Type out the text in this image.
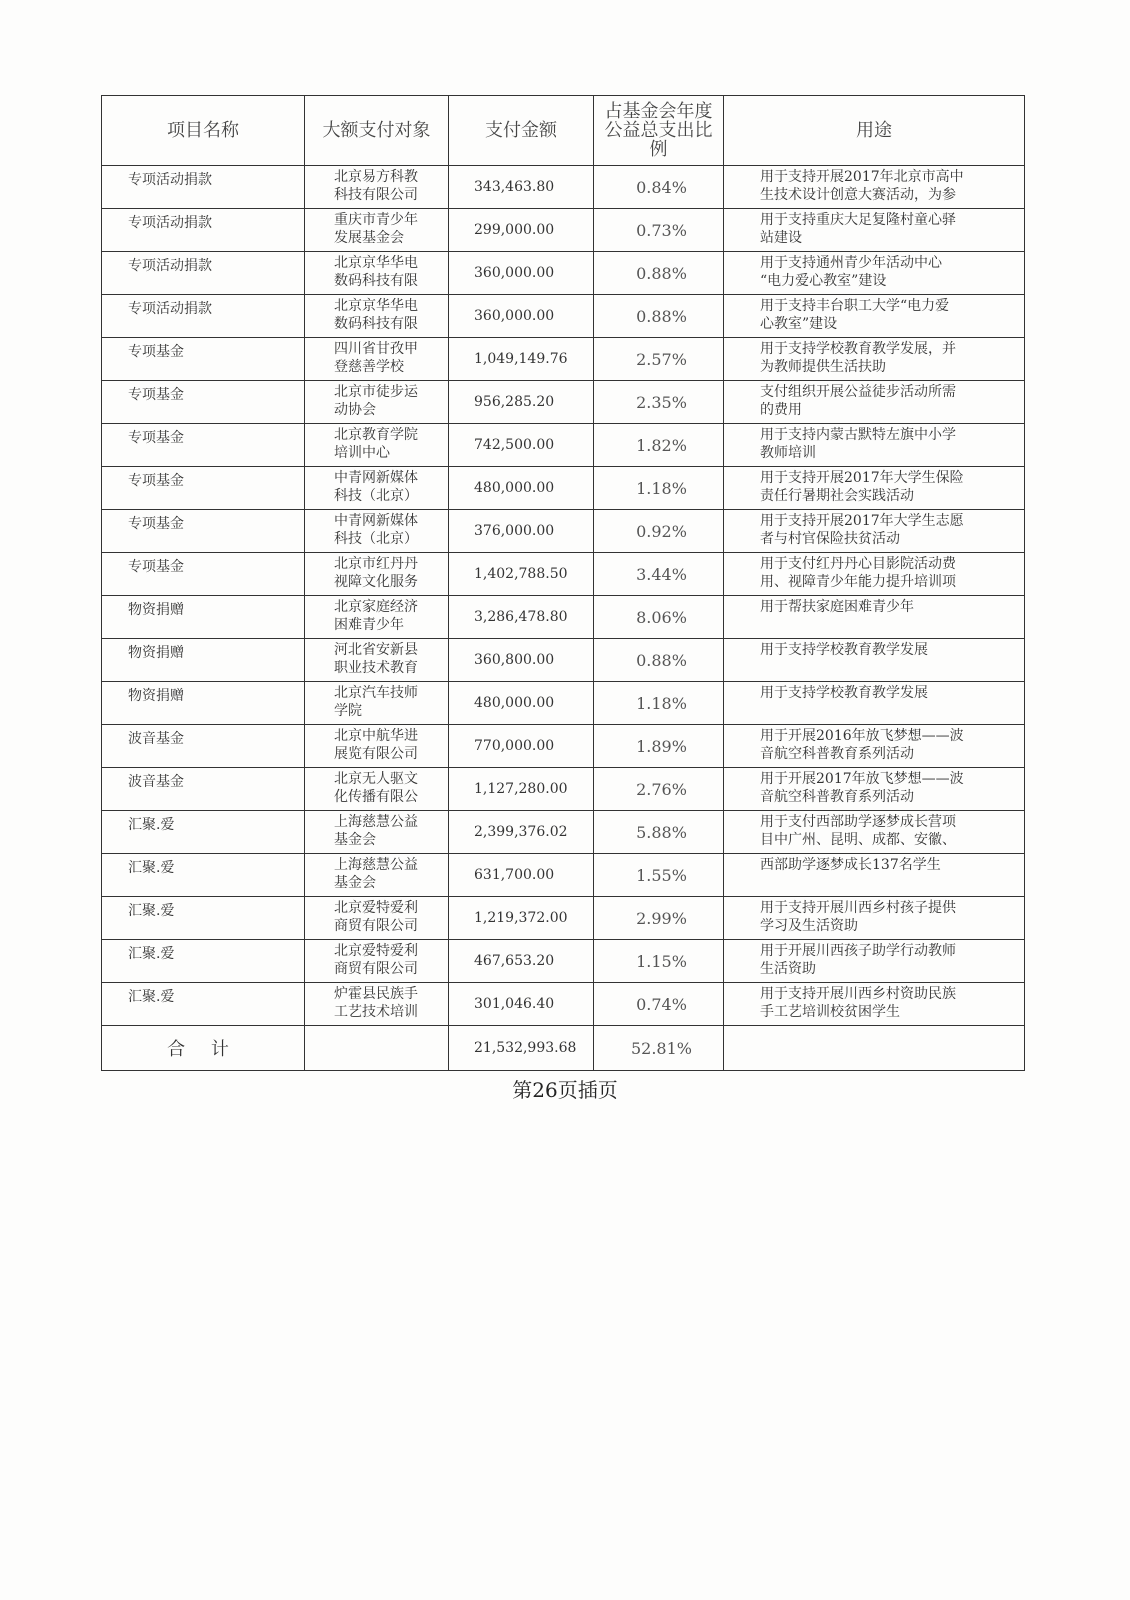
项目名称	大额支付对象	支付金额	占基金会年度
公益总支出比
例	用途
专项活动捐款	北京易方科教
科技有限公司	343,463.80	0.84%	用于支持开展2017年北京市高中
生技术设计创意大赛活动，为参

专项活动捐款	重庆市青少年
发展基金会	299,000.00	0.73%	用于支持重庆大足复隆村童心驿
站建设

专项活动捐款	北京京华华电
数码科技有限	360,000.00	0.88%	用于支持通州青少年活动中心
“电力爱心教室”建设

专项活动捐款	北京京华华电
数码科技有限	360,000.00	0.88%	用于支持丰台职工大学“电力爱
心教室”建设

专项基金	四川省甘孜甲
登慈善学校	1,049,149.76	2.57%	用于支持学校教育教学发展，并
为教师提供生活扶助

专项基金	北京市徒步运
动协会	956,285.20	2.35%	支付组织开展公益徒步活动所需
的费用

专项基金	北京教育学院
培训中心	742,500.00	1.82%	用于支持内蒙古默特左旗中小学
教师培训

专项基金	中青网新媒体
科技（北京）	480,000.00	1.18%	用于支持开展2017年大学生保险
责任行暑期社会实践活动

专项基金	中青网新媒体
科技（北京）	376,000.00	0.92%	用于支持开展2017年大学生志愿
者与村官保险扶贫活动

专项基金	北京市红丹丹
视障文化服务	1,402,788.50	3.44%	用于支付红丹丹心目影院活动费
用、视障青少年能力提升培训项

物资捐赠	北京家庭经济
困难青少年	3,286,478.80	8.06%	用于帮扶家庭困难青少年

物资捐赠	河北省安新县
职业技术教育	360,800.00	0.88%	用于支持学校教育教学发展

物资捐赠	北京汽车技师
学院	480,000.00	1.18%	用于支持学校教育教学发展

波音基金	北京中航华进
展览有限公司	770,000.00	1.89%	用于开展2016年放飞梦想——波
音航空科普教育系列活动

波音基金	北京无人驱文
化传播有限公	1,127,280.00	2.76%	用于开展2017年放飞梦想——波
音航空科普教育系列活动

汇聚.爱	上海慈慧公益
基金会	2,399,376.02	5.88%	用于支付西部助学逐梦成长营项
目中广州、昆明、成都、安徽、

汇聚.爱	上海慈慧公益
基金会	631,700.00	1.55%	西部助学逐梦成长137名学生

汇聚.爱	北京爱特爱利
商贸有限公司	1,219,372.00	2.99%	用于支持开展川西乡村孩子提供
学习及生活资助

汇聚.爱	北京爱特爱利
商贸有限公司	467,653.20	1.15%	用于开展川西孩子助学行动教师
生活资助

汇聚.爱	炉霍县民族手
工艺技术培训	301,046.40	0.74%	用于支持开展川西乡村资助民族
手工艺培训校贫困学生

合 计		21,532,993.68	52.81%	
第26页插页
